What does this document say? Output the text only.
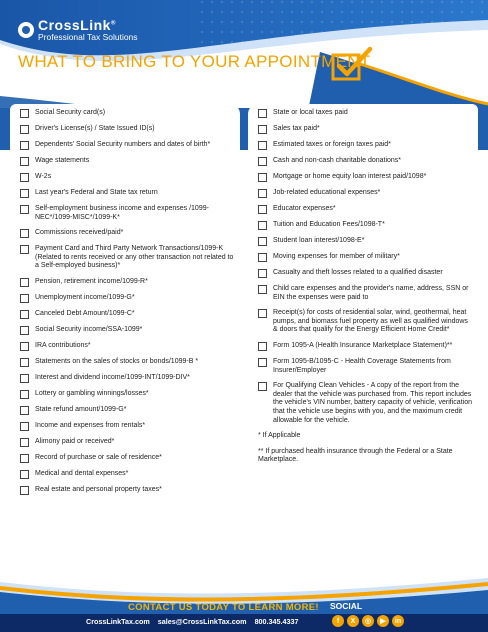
CrossLink®
Professional Tax Solutions
WHAT TO BRING TO YOUR APPOINTMENT
Social Security card(s)
Driver's License(s) / State Issued ID(s)
Dependents' Social Security numbers and dates of birth*
Wage statements
W-2s
Last year's Federal and State tax return
Self-employment business income and expenses /1099-NEC*/1099-MISC*/1099-K*
Commissions received/paid*
Payment Card and Third Party Network Transactions/1099-K (Related to rents received or any other transaction not related to a Self-employed business)*
Pension, retirement income/1099-R*
Unemployment income/1099-G*
Canceled Debt Amount/1099-C*
Social Security income/SSA-1099*
IRA contributions*
Statements on the sales of stocks or bonds/1099-B *
Interest and dividend income/1099-INT/1099-DIV*
Lottery or gambling winnings/losses*
State refund amount/1099-G*
Income and expenses from rentals*
Alimony paid or received*
Record of purchase or sale of residence*
Medical and dental expenses*
Real estate and personal property taxes*
State or local taxes paid
Sales tax paid*
Estimated taxes or foreign taxes paid*
Cash and non-cash charitable donations*
Mortgage or home equity loan interest paid/1098*
Job-related educational expenses*
Educator expenses*
Tuition and Education Fees/1098-T*
Student loan interest/1098-E*
Moving expenses for member of military*
Casualty and theft losses related to a qualified disaster
Child care expenses and the provider's name, address, SSN or EIN the expenses were paid to
Receipt(s) for costs of residential solar, wind, geothermal, heat pumps, and biomass fuel property as well as qualified windows & doors that qualify for the Energy Efficient Home Credit*
Form 1095-A (Health Insurance Marketplace Statement)**
Form 1095-B/1095-C - Health Coverage Statements from Insurer/Employer
For Qualifying Clean Vehicles - A copy of the report from the dealer that the vehicle was purchased from. This report includes the vehicle's VIN number, battery capacity of vehicle, verification that the vehicle use begins with you, and the maximum credit allowable for the vehicle.

* If Applicable

** If purchased health insurance through the Federal or a State Marketplace.

CONTACT US TODAY TO LEARN MORE!
CrossLinkTax.com sales@CrossLinkTax.com 800.345.4337
SOCIAL
f	X	◎	▶	in
